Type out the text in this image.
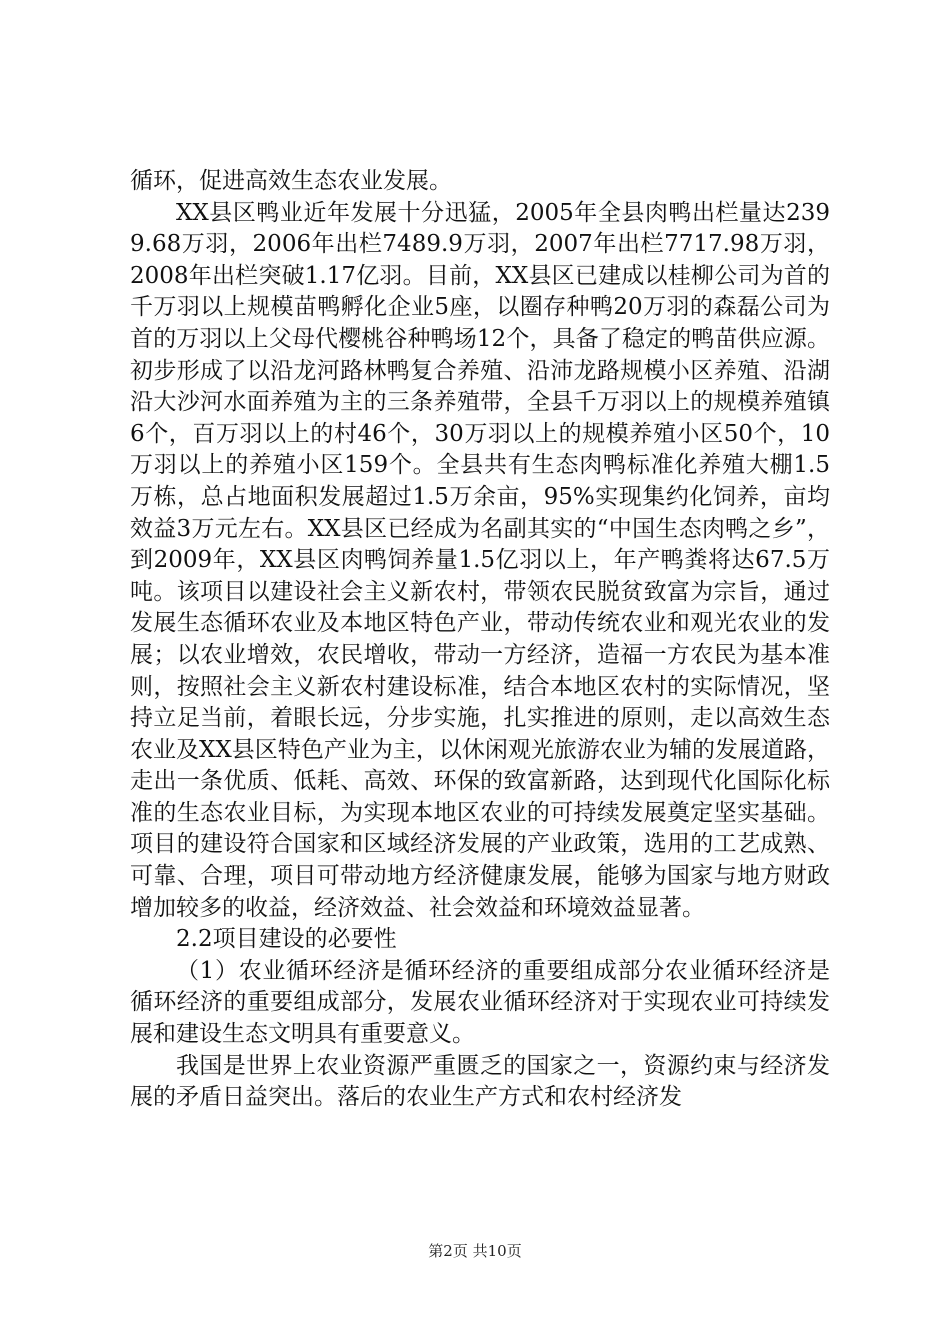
循环，促进高效生态农业发展。

XX县区鸭业近年发展十分迅猛，2005年全县肉鸭出栏量达2399.68万羽，2006年出栏7489.9万羽，2007年出栏7717.98万羽，2008年出栏突破1.17亿羽。目前，XX县区已建成以桂柳公司为首的千万羽以上规模苗鸭孵化企业5座，以圈存种鸭20万羽的森磊公司为首的万羽以上父母代樱桃谷种鸭场12个，具备了稳定的鸭苗供应源。初步形成了以沿龙河路林鸭复合养殖、沿沛龙路规模小区养殖、沿湖沿大沙河水面养殖为主的三条养殖带，全县千万羽以上的规模养殖镇6个，百万羽以上的村46个，30万羽以上的规模养殖小区50个，10万羽以上的养殖小区159个。全县共有生态肉鸭标准化养殖大棚1.5万栋，总占地面积发展超过1.5万余亩，95%实现集约化饲养，亩均效益3万元左右。XX县区已经成为名副其实的“中国生态肉鸭之乡”，到2009年，XX县区肉鸭饲养量1.5亿羽以上，年产鸭粪将达67.5万吨。该项目以建设社会主义新农村，带领农民脱贫致富为宗旨，通过发展生态循环农业及本地区特色产业，带动传统农业和观光农业的发展；以农业增效，农民增收，带动一方经济，造福一方农民为基本准则，按照社会主义新农村建设标准，结合本地区农村的实际情况，坚持立足当前，着眼长远，分步实施，扎实推进的原则，走以高效生态农业及XX县区特色产业为主，以休闲观光旅游农业为辅的发展道路，走出一条优质、低耗、高效、环保的致富新路，达到现代化国际化标准的生态农业目标，为实现本地区农业的可持续发展奠定坚实基础。项目的建设符合国家和区域经济发展的产业政策，选用的工艺成熟、可靠、合理，项目可带动地方经济健康发展，能够为国家与地方财政增加较多的收益，经济效益、社会效益和环境效益显著。

2.2项目建设的必要性

（1）农业循环经济是循环经济的重要组成部分农业循环经济是循环经济的重要组成部分，发展农业循环经济对于实现农业可持续发展和建设生态文明具有重要意义。

我国是世界上农业资源严重匮乏的国家之一，资源约束与经济发展的矛盾日益突出。落后的农业生产方式和农村经济发

第2页 共10页
